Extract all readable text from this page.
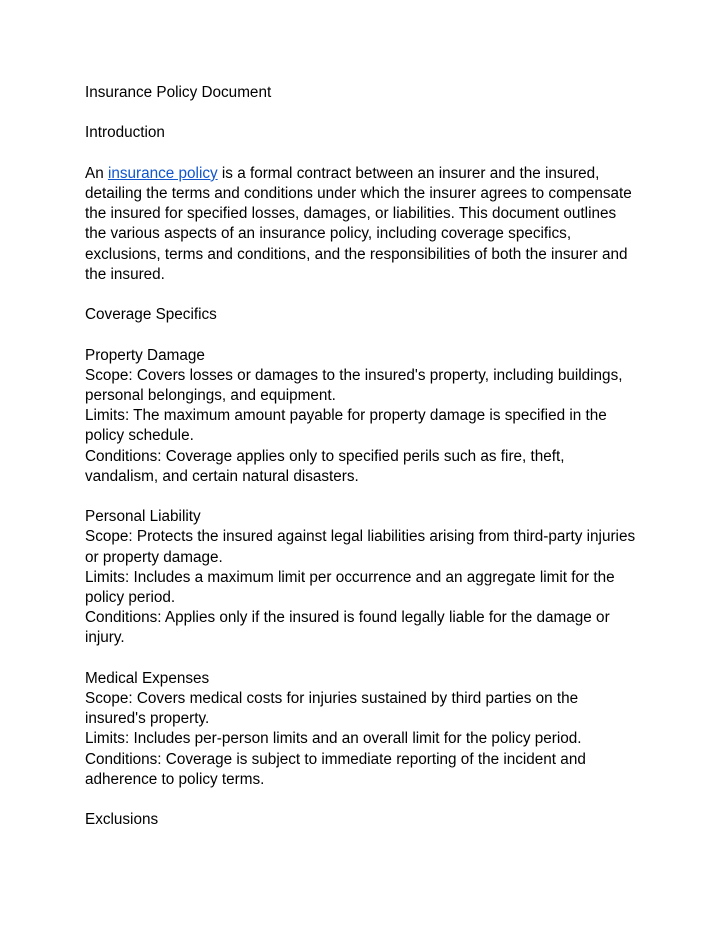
Insurance Policy Document
Introduction
An insurance policy is a formal contract between an insurer and the insured,
detailing the terms and conditions under which the insurer agrees to compensate
the insured for specified losses, damages, or liabilities. This document outlines
the various aspects of an insurance policy, including coverage specifics,
exclusions, terms and conditions, and the responsibilities of both the insurer and
the insured.
Coverage Specifics
Property Damage
Scope: Covers losses or damages to the insured's property, including buildings,
personal belongings, and equipment.
Limits: The maximum amount payable for property damage is specified in the
policy schedule.
Conditions: Coverage applies only to specified perils such as fire, theft,
vandalism, and certain natural disasters.
Personal Liability
Scope: Protects the insured against legal liabilities arising from third-party injuries
or property damage.
Limits: Includes a maximum limit per occurrence and an aggregate limit for the
policy period.
Conditions: Applies only if the insured is found legally liable for the damage or
injury.
Medical Expenses
Scope: Covers medical costs for injuries sustained by third parties on the
insured's property.
Limits: Includes per-person limits and an overall limit for the policy period.
Conditions: Coverage is subject to immediate reporting of the incident and
adherence to policy terms.
Exclusions
